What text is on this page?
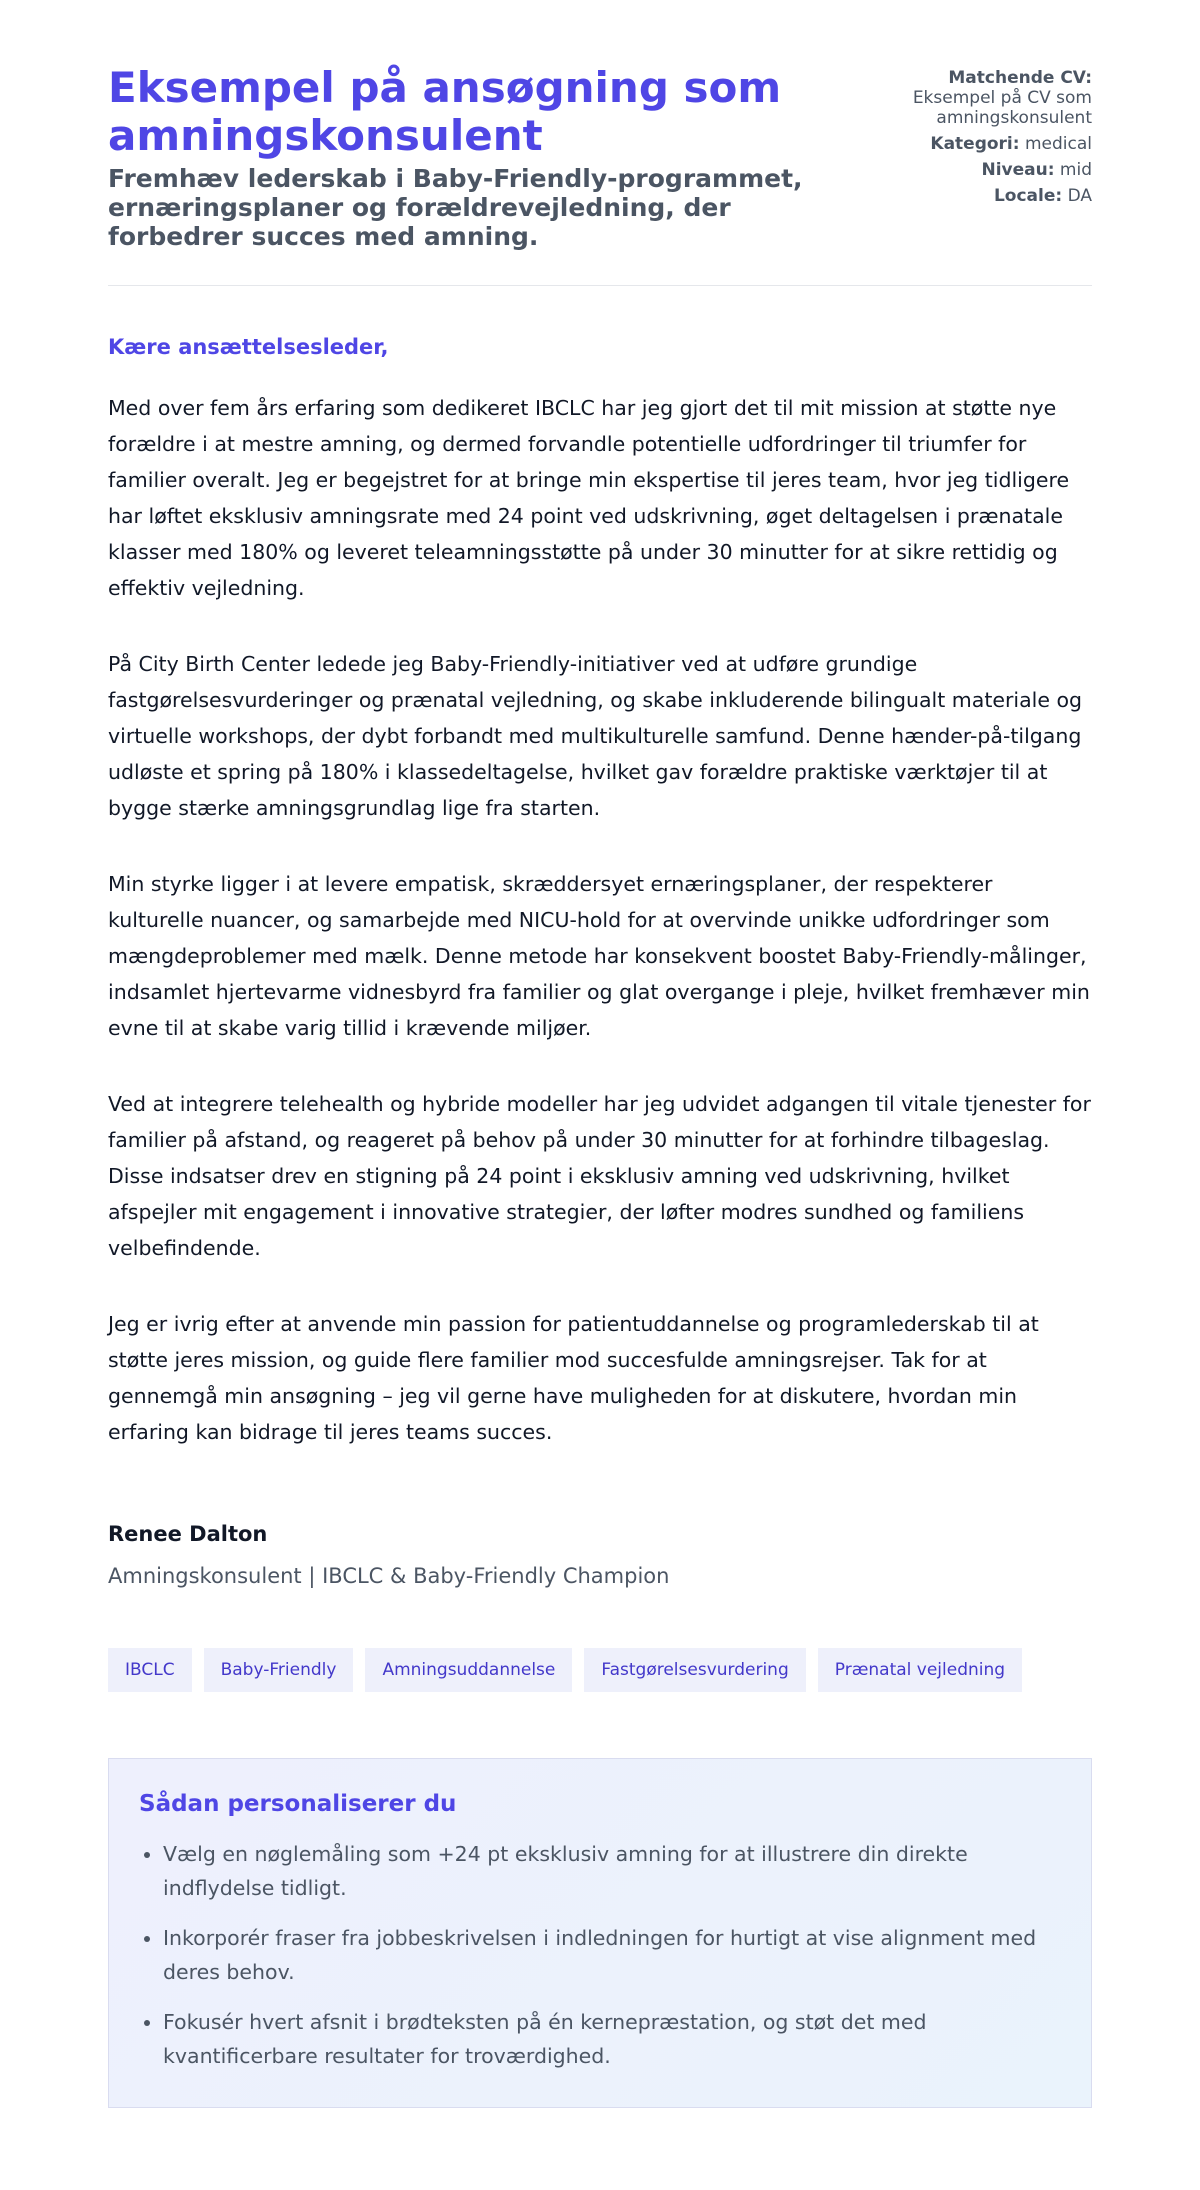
Eksempel på ansøgning som amningskonsulent
Fremhæv lederskab i Baby-Friendly-programmet, ernæringsplaner og forældrevejledning, der forbedrer succes med amning.
Matchende CV:
Eksempel på CV som amningskonsulent
Kategori: medical
Niveau: mid
Locale: DA

Kære ansættelsesleder,

Med over fem års erfaring som dedikeret IBCLC har jeg gjort det til mit mission at støtte nye forældre i at mestre amning, og dermed forvandle potentielle udfordringer til triumfer for familier overalt. Jeg er begejstret for at bringe min ekspertise til jeres team, hvor jeg tidligere har løftet eksklusiv amningsrate med 24 point ved udskrivning, øget deltagelsen i prænatale klasser med 180% og leveret teleamningsstøtte på under 30 minutter for at sikre rettidig og effektiv vejledning.

På City Birth Center ledede jeg Baby-Friendly-initiativer ved at udføre grundige fastgørelsesvurderinger og prænatal vejledning, og skabe inkluderende bilingualt materiale og virtuelle workshops, der dybt forbandt med multikulturelle samfund. Denne hænder-på-tilgang udløste et spring på 180% i klassedeltagelse, hvilket gav forældre praktiske værktøjer til at bygge stærke amningsgrundlag lige fra starten.

Min styrke ligger i at levere empatisk, skræddersyet ernæringsplaner, der respekterer kulturelle nuancer, og samarbejde med NICU-hold for at overvinde unikke udfordringer som mængdeproblemer med mælk. Denne metode har konsekvent boostet Baby-Friendly-målinger, indsamlet hjertevarme vidnesbyrd fra familier og glat overgange i pleje, hvilket fremhæver min evne til at skabe varig tillid i krævende miljøer.

Ved at integrere telehealth og hybride modeller har jeg udvidet adgangen til vitale tjenester for familier på afstand, og reageret på behov på under 30 minutter for at forhindre tilbageslag. Disse indsatser drev en stigning på 24 point i eksklusiv amning ved udskrivning, hvilket afspejler mit engagement i innovative strategier, der løfter modres sundhed og familiens velbefindende.

Jeg er ivrig efter at anvende min passion for patientuddannelse og programlederskab til at støtte jeres mission, og guide flere familier mod succesfulde amningsrejser. Tak for at gennemgå min ansøgning – jeg vil gerne have muligheden for at diskutere, hvordan min erfaring kan bidrage til jeres teams succes.

Renee Dalton

Amningskonsulent | IBCLC & Baby-Friendly Champion

IBCLC	Baby-Friendly	Amningsuddannelse	Fastgørelsesvurdering	Prænatal vejledning
Sådan personaliserer du
• Vælg en nøglemåling som +24 pt eksklusiv amning for at illustrere din direkte indflydelse tidligt.
• Inkorporér fraser fra jobbeskrivelsen i indledningen for hurtigt at vise alignment med deres behov.
• Fokusér hvert afsnit i brødteksten på én kernepræstation, og støt det med kvantificerbare resultater for troværdighed.
